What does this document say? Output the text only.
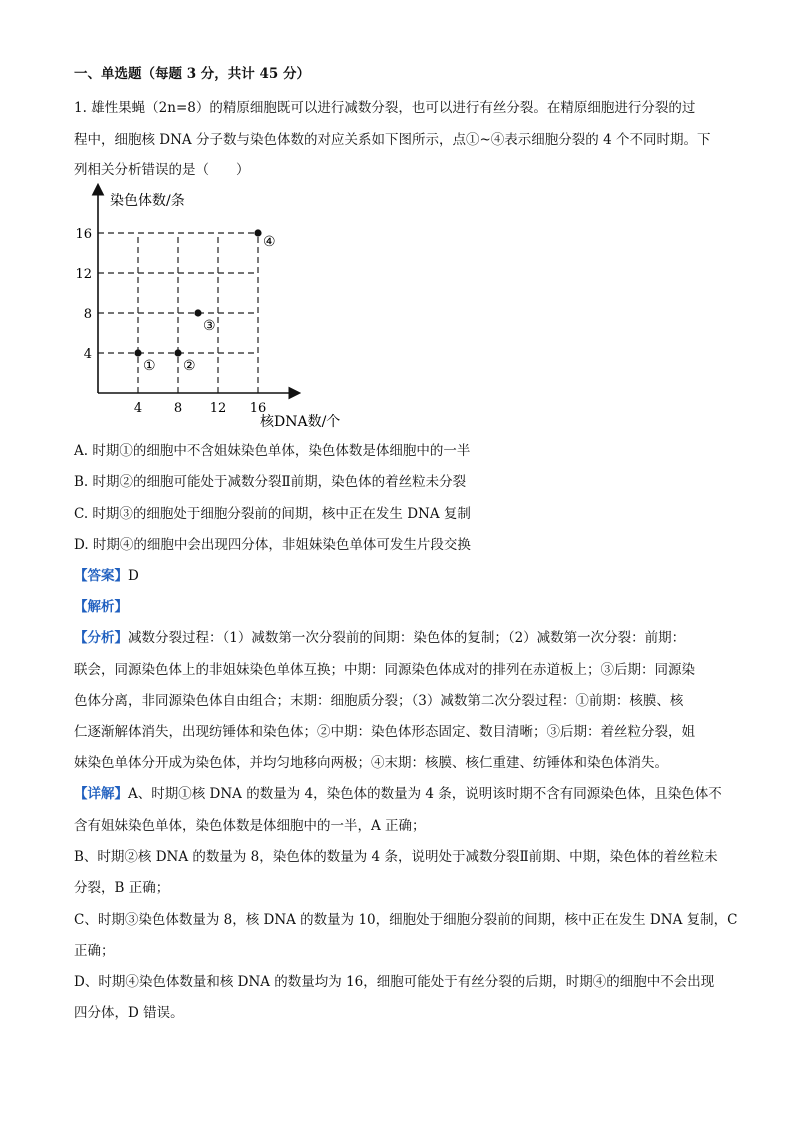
一、单选题（每题 3 分，共计 45 分）
1. 雄性果蝇（2n=8）的精原细胞既可以进行减数分裂，也可以进行有丝分裂。在精原细胞进行分裂的过
程中，细胞核 DNA 分子数与染色体数的对应关系如下图所示，点①~④表示细胞分裂的 4 个不同时期。下
列相关分析错误的是（　　）
染色体数/条
核DNA数/个
4 8 12 16
4
8
12
16
① ②
③
④
A. 时期①的细胞中不含姐妹染色单体，染色体数是体细胞中的一半
B. 时期②的细胞可能处于减数分裂Ⅱ前期，染色体的着丝粒未分裂
C. 时期③的细胞处于细胞分裂前的间期，核中正在发生 DNA 复制
D. 时期④的细胞中会出现四分体，非姐妹染色单体可发生片段交换
【答案】D
【解析】
【分析】减数分裂过程：（1）减数第一次分裂前的间期：染色体的复制；（2）减数第一次分裂：前期：
联会，同源染色体上的非姐妹染色单体互换；中期：同源染色体成对的排列在赤道板上；③后期：同源染
色体分离，非同源染色体自由组合；末期：细胞质分裂；（3）减数第二次分裂过程：①前期：核膜、核
仁逐渐解体消失，出现纺锤体和染色体；②中期：染色体形态固定、数目清晰；③后期：着丝粒分裂，姐
妹染色单体分开成为染色体，并均匀地移向两极；④末期：核膜、核仁重建、纺锤体和染色体消失。
【详解】A、时期①核 DNA 的数量为 4，染色体的数量为 4 条，说明该时期不含有同源染色体，且染色体不
含有姐妹染色单体，染色体数是体细胞中的一半，A 正确；
B、时期②核 DNA 的数量为 8，染色体的数量为 4 条，说明处于减数分裂Ⅱ前期、中期，染色体的着丝粒未
分裂，B 正确；
C、时期③染色体数量为 8，核 DNA 的数量为 10，细胞处于细胞分裂前的间期，核中正在发生 DNA 复制，C
正确；
D、时期④染色体数量和核 DNA 的数量均为 16，细胞可能处于有丝分裂的后期，时期④的细胞中不会出现
四分体，D 错误。
